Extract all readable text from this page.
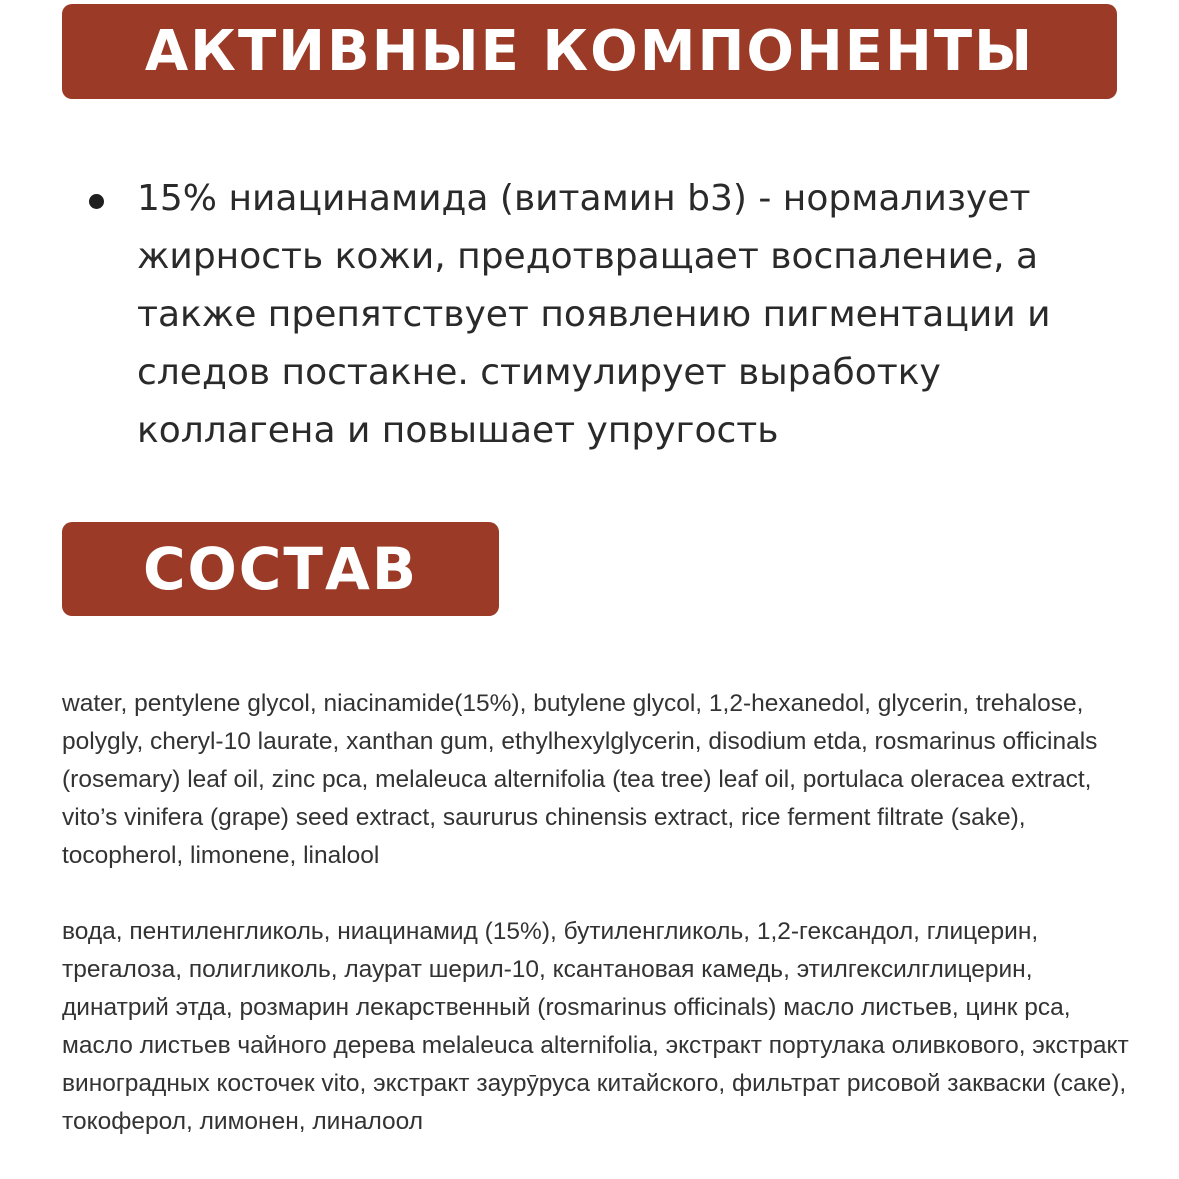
АКТИВНЫЕ КОМПОНЕНТЫ
15% ниацинамида (витамин b3) - нормализует жирность кожи, предотвращает воспаление, а также препятствует появлению пигментации и следов постакне. стимулирует выработку коллагена и повышает упругость
СОСТАВ

water, pentylene glycol, niacinamide(15%), butylene glycol, 1,2-hexanedol, glycerin, trehalose, polygly, cheryl-10 laurate, xanthan gum, ethylhexylglycerin, disodium etda, rosmarinus officinals (rosemary) leaf oil, zinc pca, melaleuca alternifolia (tea tree) leaf oil, portulaca oleracea extract, vito’s vinifera (grape) seed extract, saururus chinensis extract, rice ferment filtrate (sake), tocopherol, limonene, linalool

вода, пентиленгликоль, ниацинамид (15%), бутиленгликоль, 1,2-гександол, глицерин, трегалоза, полигликоль, лаурат шерил-10, ксантановая камедь, этилгексилглицерин, динатрий этда, розмарин лекарственный (rosmarinus officinals) масло листьев, цинк pca, масло листьев чайного дерева melaleuca alternifolia, экстракт портулака оливкового, экстракт виноградных косточек vito, экстракт заурӯруса китайского, фильтрат рисовой закваски (саке), токоферол, лимонен, линалоол
